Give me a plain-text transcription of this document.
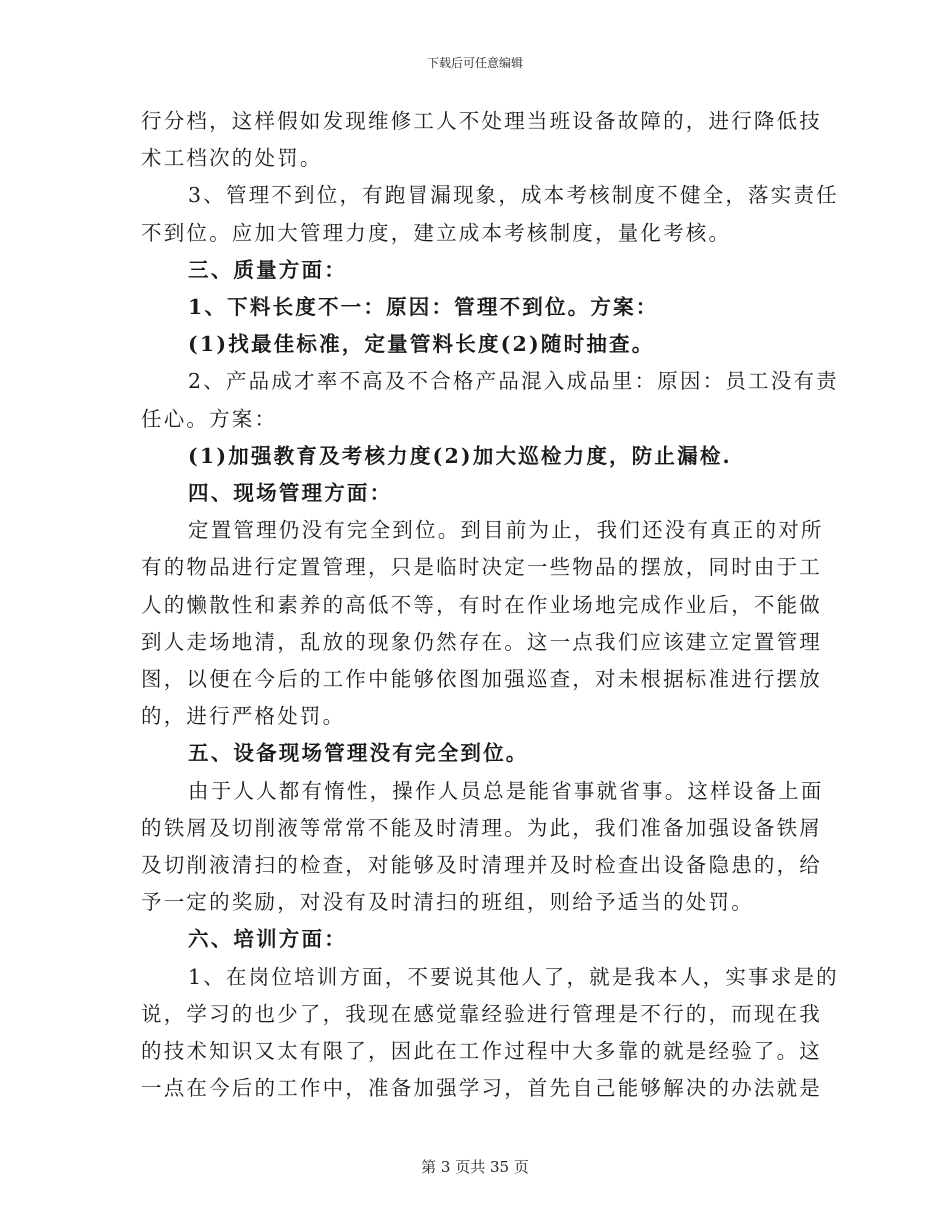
下载后可任意编辑

行分档，这样假如发现维修工人不处理当班设备故障的，进行降低技

术工档次的处罚。

3、管理不到位，有跑冒漏现象，成本考核制度不健全，落实责任

不到位。应加大管理力度，建立成本考核制度，量化考核。

三、质量方面：

1、下料长度不一：原因：管理不到位。方案：

(1)找最佳标准，定量管料长度(2)随时抽查。

2、产品成才率不高及不合格产品混入成品里：原因：员工没有责

任心。方案：

(1)加强教育及考核力度(2)加大巡检力度，防止漏检.

四、现场管理方面：

定置管理仍没有完全到位。到目前为止，我们还没有真正的对所

有的物品进行定置管理，只是临时决定一些物品的摆放，同时由于工

人的懒散性和素养的高低不等，有时在作业场地完成作业后，不能做

到人走场地清，乱放的现象仍然存在。这一点我们应该建立定置管理

图，以便在今后的工作中能够依图加强巡查，对未根据标准进行摆放

的，进行严格处罚。

五、设备现场管理没有完全到位。

由于人人都有惰性，操作人员总是能省事就省事。这样设备上面

的铁屑及切削液等常常不能及时清理。为此，我们准备加强设备铁屑

及切削液清扫的检查，对能够及时清理并及时检查出设备隐患的，给

予一定的奖励，对没有及时清扫的班组，则给予适当的处罚。

六、培训方面：

1、在岗位培训方面，不要说其他人了，就是我本人，实事求是的

说，学习的也少了，我现在感觉靠经验进行管理是不行的，而现在我

的技术知识又太有限了，因此在工作过程中大多靠的就是经验了。这

一点在今后的工作中，准备加强学习，首先自己能够解决的办法就是

第 3 页共 35 页
